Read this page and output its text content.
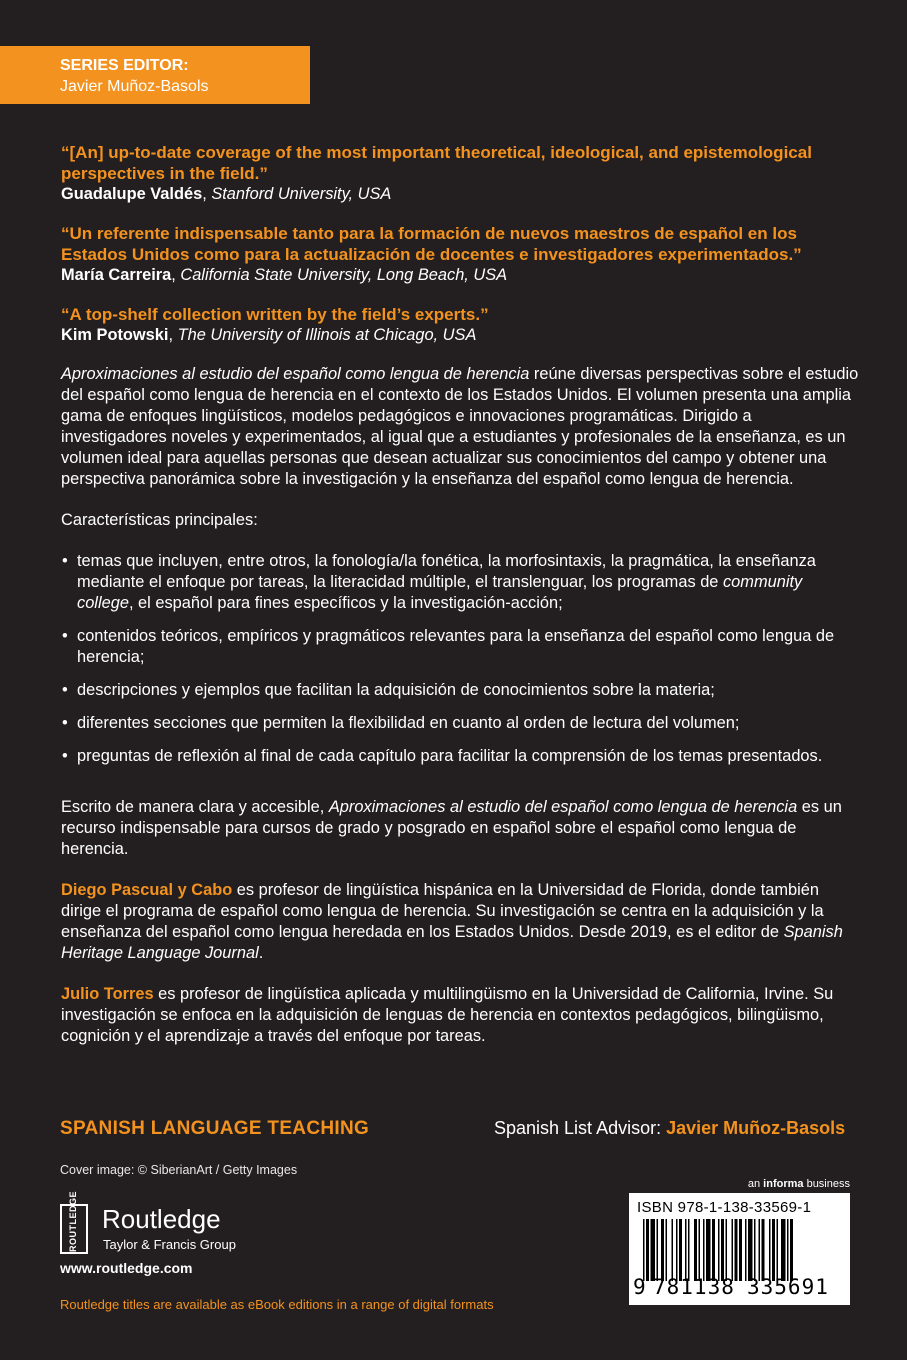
SERIES EDITOR:
Javier Muñoz-Basols

“[An] up-to-date coverage of the most important theoretical, ideological, and epistemological perspectives in the field.”

Guadalupe Valdés, Stanford University, USA

“Un referente indispensable tanto para la formación de nuevos maestros de español en los Estados Unidos como para la actualización de docentes e investigadores experimentados.”

María Carreira, California State University, Long Beach, USA

“A top-shelf collection written by the field’s experts.”

Kim Potowski, The University of Illinois at Chicago, USA

Aproximaciones al estudio del español como lengua de herencia reúne diversas perspectivas sobre el estudio del español como lengua de herencia en el contexto de los Estados Unidos. El volumen presenta una amplia gama de enfoques lingüísticos, modelos pedagógicos e innovaciones programáticas. Dirigido a investigadores noveles y experimentados, al igual que a estudiantes y profesionales de la enseñanza, es un volumen ideal para aquellas personas que desean actualizar sus conocimientos del campo y obtener una perspectiva panorámica sobre la investigación y la enseñanza del español como lengua de herencia.

Características principales:

• temas que incluyen, entre otros, la fonología/la fonética, la morfosintaxis, la pragmática, la enseñanza mediante el enfoque por tareas, la literacidad múltiple, el translenguar, los programas de community college, el español para fines específicos y la investigación-acción;
• contenidos teóricos, empíricos y pragmáticos relevantes para la enseñanza del español como lengua de herencia;
• descripciones y ejemplos que facilitan la adquisición de conocimientos sobre la materia;
• diferentes secciones que permiten la flexibilidad en cuanto al orden de lectura del volumen;
• preguntas de reflexión al final de cada capítulo para facilitar la comprensión de los temas presentados.

Escrito de manera clara y accesible, Aproximaciones al estudio del español como lengua de herencia es un recurso indispensable para cursos de grado y posgrado en español sobre el español como lengua de herencia.

Diego Pascual y Cabo es profesor de lingüística hispánica en la Universidad de Florida, donde también dirige el programa de español como lengua de herencia. Su investigación se centra en la adquisición y la enseñanza del español como lengua heredada en los Estados Unidos. Desde 2019, es el editor de Spanish Heritage Language Journal.

Julio Torres es profesor de lingüística aplicada y multilingüismo en la Universidad de California, Irvine. Su investigación se enfoca en la adquisición de lenguas de herencia en contextos pedagógicos, bilingüismo, cognición y el aprendizaje a través del enfoque por tareas.

SPANISH LANGUAGE TEACHING	Spanish List Advisor: Javier Muñoz-Basols
Cover image: © SiberianArt / Getty Images
ROUTLEDGE Routledge
Taylor & Francis Group
www.routledge.com
Routledge titles are available as eBook editions in a range of digital formats
an informa business
ISBN 978-1-138-33569-1
9 781138 335691
